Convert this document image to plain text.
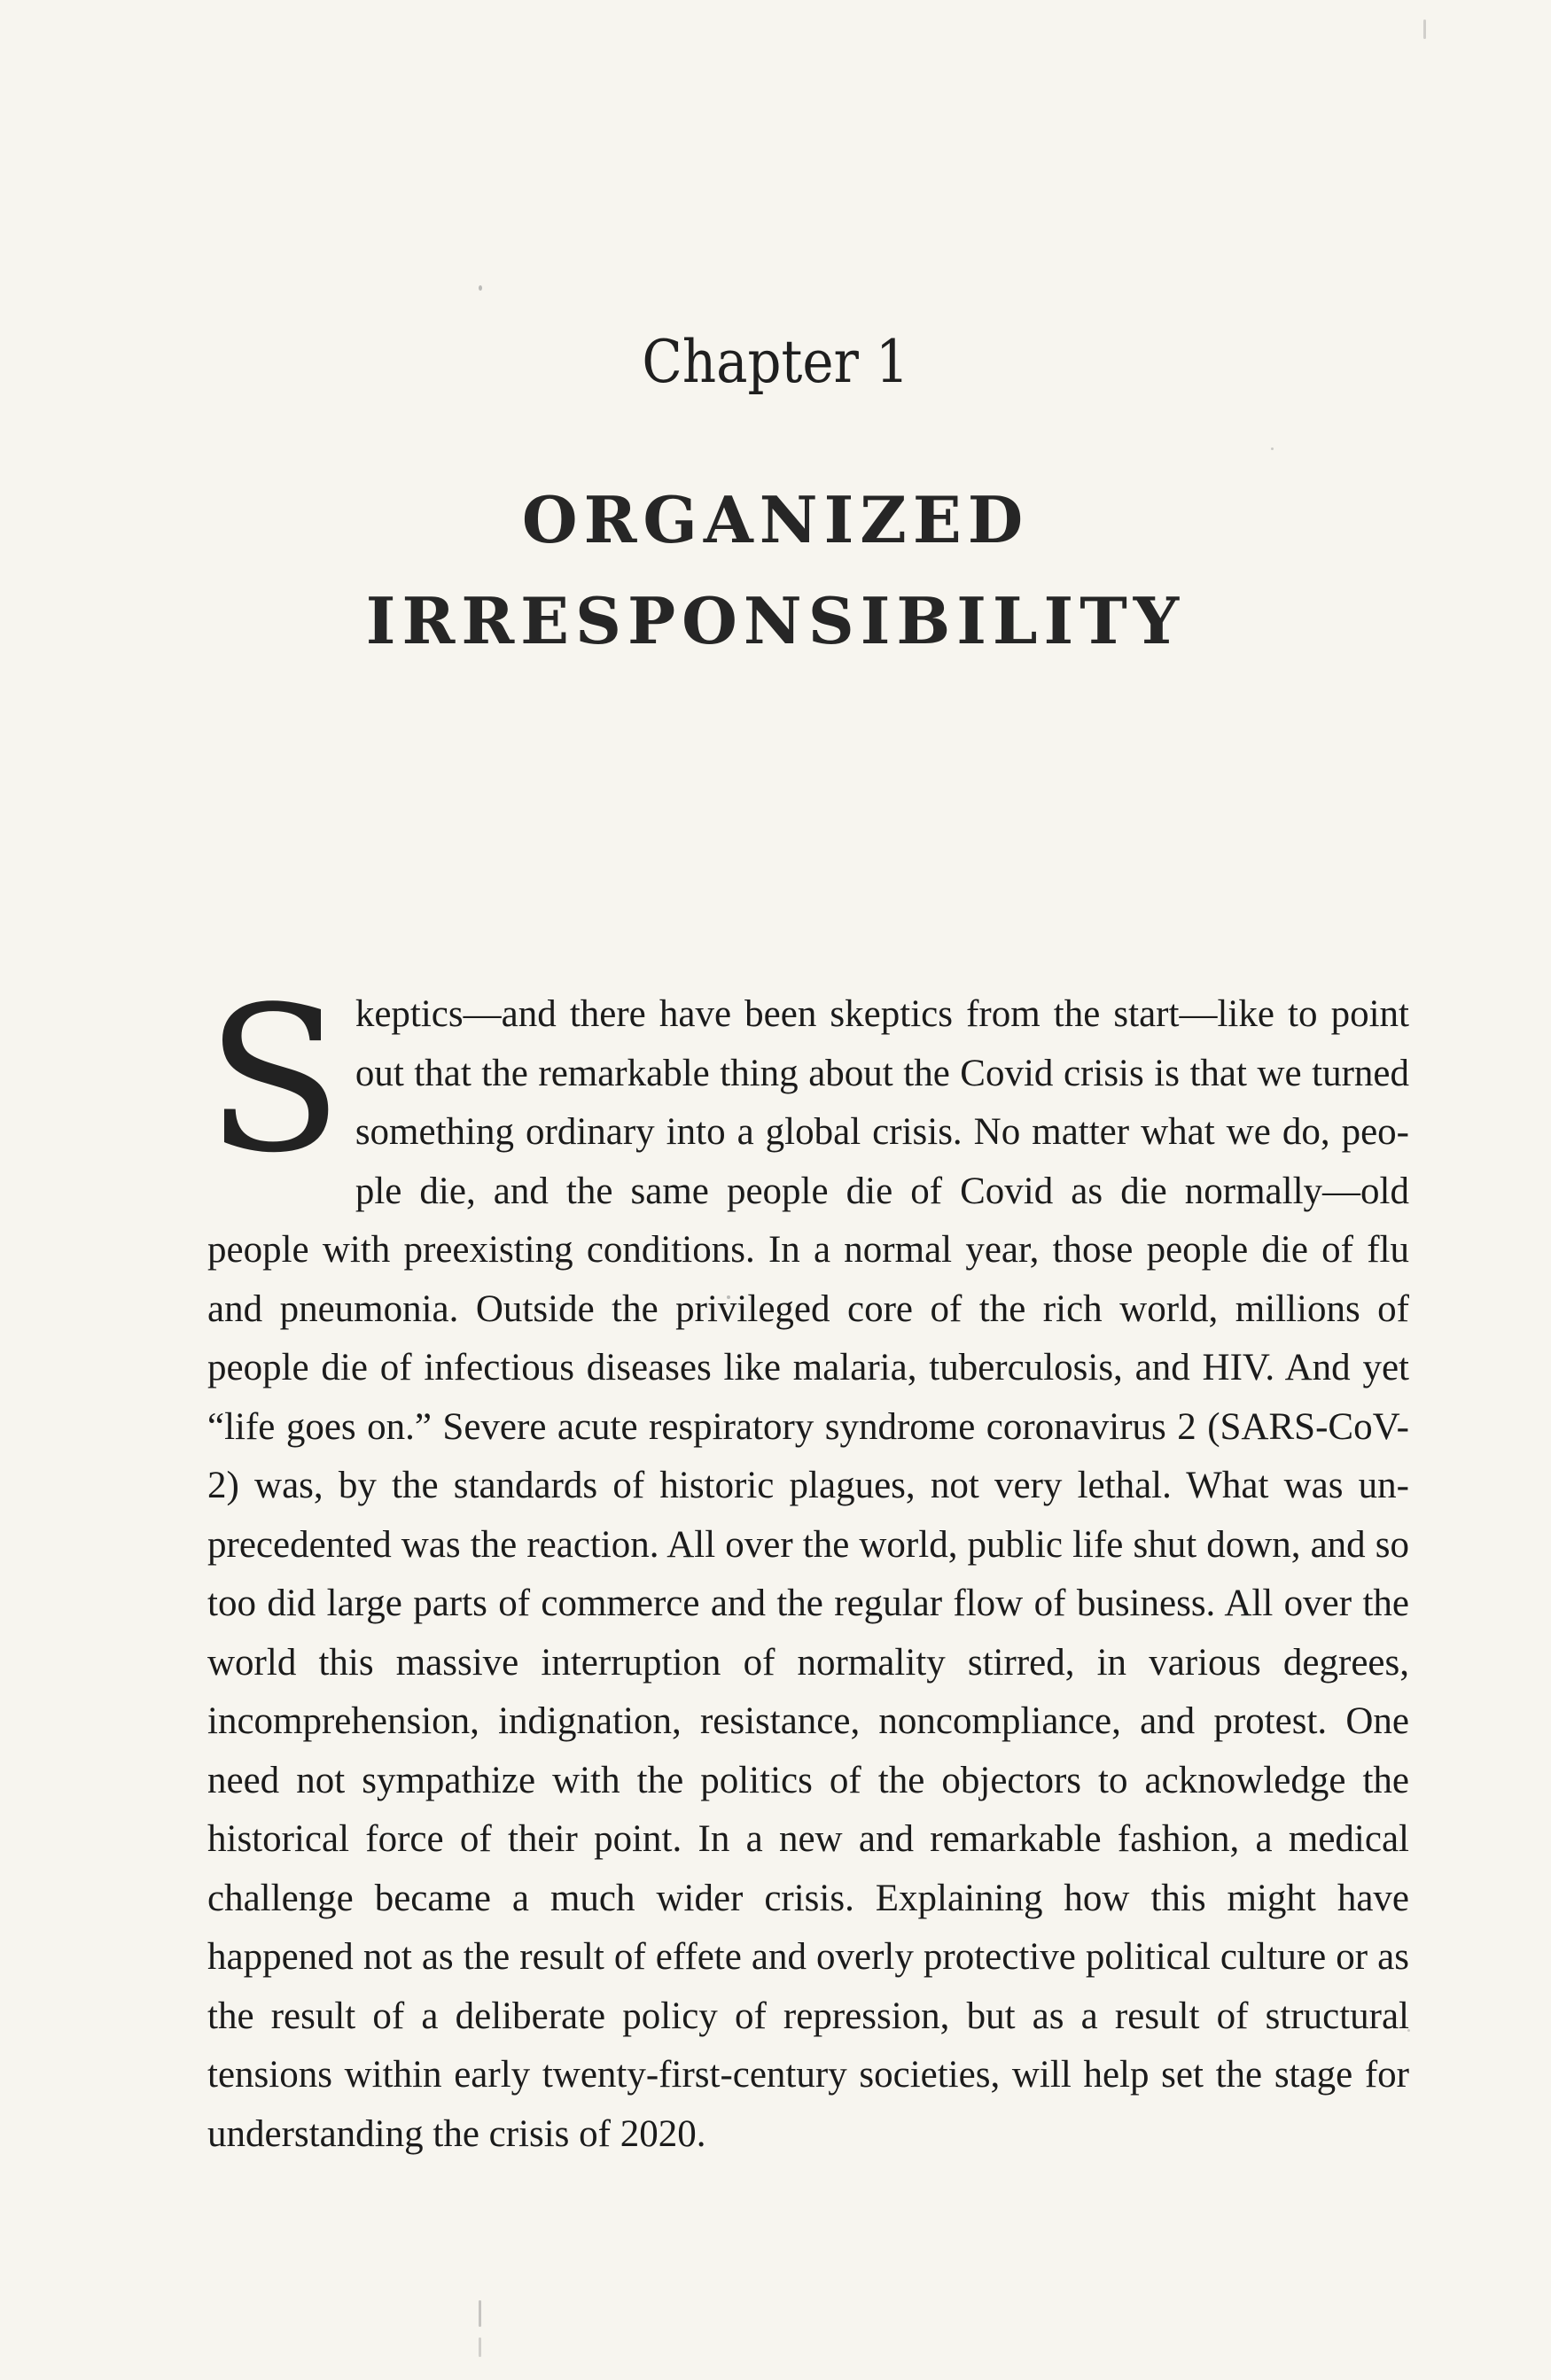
Chapter 1
ORGANIZED
IRRESPONSIBILITY

Skeptics—and there have been skeptics from the start—like to point out that the remarkable thing about the Covid crisis is that we turned something ordinary into a global crisis. No matter what we do, people die, and the same people die of Covid as die normally—old people with preexisting conditions. In a normal year, those people die of flu and pneumonia. Outside the privileged core of the rich world, millions of people die of infectious diseases like malaria, tuberculosis, and HIV. And yet “life goes on.” Severe acute respiratory syndrome coronavirus 2 (SARS-CoV-2) was, by the standards of historic plagues, not very lethal. What was unprecedented was the reaction. All over the world, public life shut down, and so too did large parts of commerce and the regular flow of business. All over the world this massive interruption of normality stirred, in various degrees, incomprehension, indignation, resistance, noncompliance, and protest. One need not sympathize with the politics of the objectors to acknowledge the historical force of their point. In a new and remarkable fashion, a medical challenge became a much wider crisis. Explaining how this might have happened not as the result of effete and overly protective political culture or as the result of a deliberate policy of repression, but as a result of structural tensions within early twenty-first-century societies, will help set the stage for understanding the crisis of 2020.
